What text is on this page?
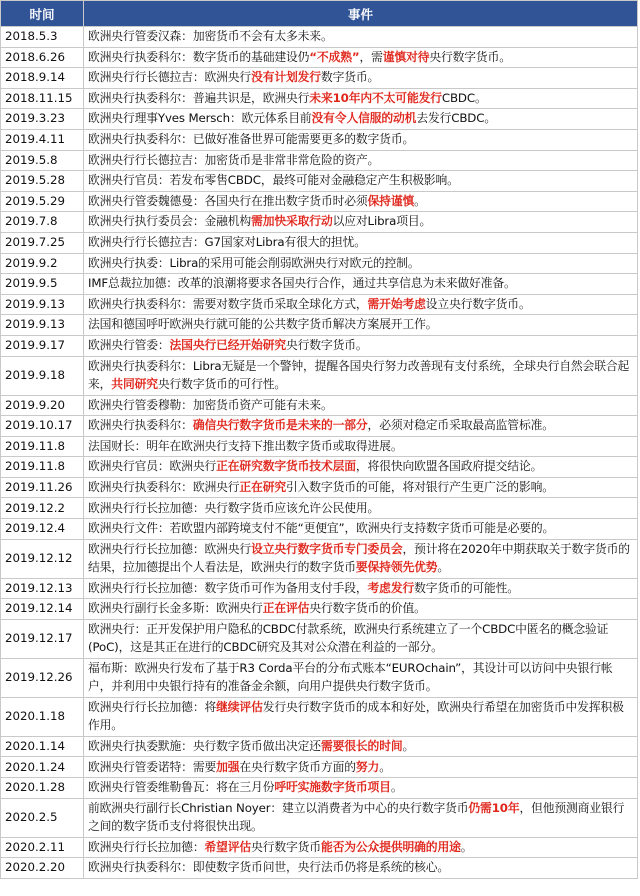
时间	事件
2018.5.3	欧洲央行管委汉森：加密货币不会有太多未来。
2018.6.26	欧洲央行执委科尔：数字货币的基础建设仍“不成熟”，需谨慎对待央行数字货币。
2018.9.14	欧洲央行行长德拉吉：欧洲央行没有计划发行数字货币。
2018.11.15	欧洲央行执委科尔：普遍共识是，欧洲央行未来10年内不太可能发行CBDC。
2019.3.23	欧洲央行理事Yves Mersch：欧元体系目前没有令人信服的动机去发行CBDC。
2019.4.11	欧洲央行执委科尔：已做好准备世界可能需要更多的数字货币。
2019.5.8	欧洲央行行长德拉吉：加密货币是非常非常危险的资产。
2019.5.28	欧洲央行官员：若发布零售CBDC，最终可能对金融稳定产生积极影响。
2019.5.29	欧洲央行管委魏德曼：各国央行在推出数字货币时必须保持谨慎。
2019.7.8	欧洲央行执行委员会：金融机构需加快采取行动以应对Libra项目。
2019.7.25	欧洲央行行长德拉吉：G7国家对Libra有很大的担忧。
2019.9.2	欧洲央行执委：Libra的采用可能会削弱欧洲央行对欧元的控制。
2019.9.5	IMF总裁拉加德：改革的浪潮将要求各国央行合作，通过共享信息为未来做好准备。
2019.9.13	欧洲央行执委科尔：需要对数字货币采取全球化方式，需开始考虑设立央行数字货币。
2019.9.13	法国和德国呼吁欧洲央行就可能的公共数字货币解决方案展开工作。
2019.9.17	欧洲央行管委：法国央行已经开始研究央行数字货币。
2019.9.18	欧洲央行执委科尔：Libra无疑是一个警钟，提醒各国央行努力改善现有支付系统，全球央行自然会联合起来，共同研究央行数字货币的可行性。
2019.9.20	欧洲央行管委穆勒：加密货币资产可能有未来。
2019.10.17	欧洲央行执委科尔：确信央行数字货币是未来的一部分，必须对稳定币采取最高监管标准。
2019.11.8	法国财长：明年在欧洲央行支持下推出数字货币或取得进展。
2019.11.8	欧洲央行官员：欧洲央行正在研究数字货币技术层面，将很快向欧盟各国政府提交结论。
2019.11.26	欧洲央行执委科尔：欧洲央行正在研究引入数字货币的可能，将对银行产生更广泛的影响。
2019.12.2	欧洲央行行长拉加德：央行数字货币应该允许公民使用。
2019.12.4	欧洲央行文件：若欧盟内部跨境支付不能“更便宜”，欧洲央行支持数字货币可能是必要的。
2019.12.12	欧洲央行行长拉加德：欧洲央行设立央行数字货币专门委员会，预计将在2020年中期获取关于数字货币的结果，拉加德提出个人看法是，欧洲央行的数字货币要保持领先优势。
2019.12.13	欧洲央行行长拉加德：数字货币可作为备用支付手段，考虑发行数字货币的可能性。
2019.12.14	欧洲央行副行长金多斯：欧洲央行正在评估央行数字货币的价值。
2019.12.17	欧洲央行：正开发保护用户隐私的CBDC付款系统，欧洲央行系统建立了一个CBDC中匿名的概念验证(PoC)，这是其正在进行的CBDC研究及其对公众潜在利益的一部分。
2019.12.26	福布斯：欧洲央行发布了基于R3 Corda平台的分布式账本“EUROchain”，其设计可以访问中央银行帐户，并利用中央银行持有的准备金余额，向用户提供央行数字货币。
2020.1.18	欧洲央行行长拉加德：将继续评估发行央行数字货币的成本和好处，欧洲央行希望在加密货币中发挥积极作用。
2020.1.14	欧洲央行执委默施：央行数字货币做出决定还需要很长的时间。
2020.1.24	欧洲央行管委诺特：需要加强在央行数字货币方面的努力。
2020.1.28	欧洲央行管委维勒鲁瓦：将在三月份呼吁实施数字货币项目。
2020.2.5	前欧洲央行副行长Christian Noyer：建立以消费者为中心的央行数字货币仍需10年，但他预测商业银行之间的数字货币支付将很快出现。
2020.2.11	欧洲央行行长拉加德：希望评估央行数字货币能否为公众提供明确的用途。
2020.2.20	欧洲央行执委科尔：即使数字货币问世，央行法币仍将是系统的核心。
